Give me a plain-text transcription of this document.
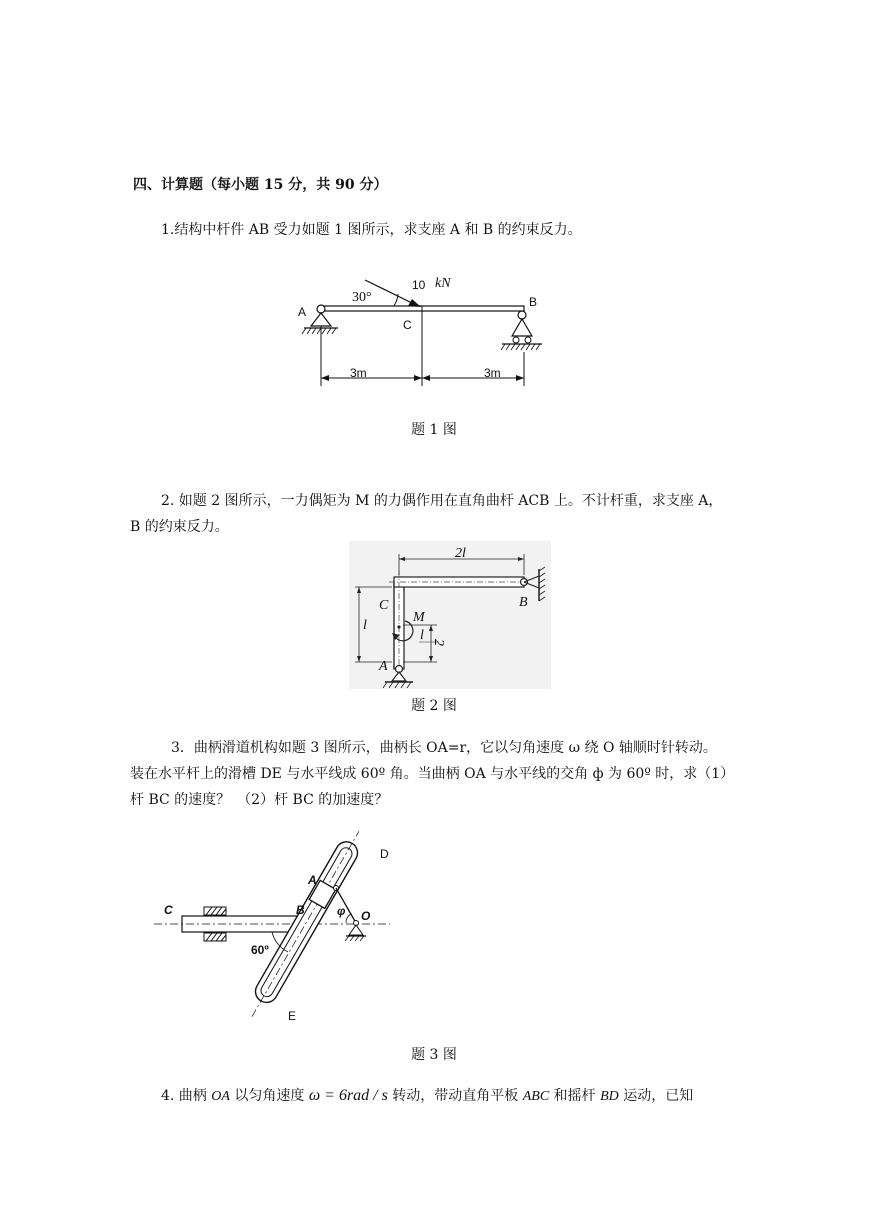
四、计算题（每小题 15 分，共 90 分）
1.结构中杆件 AB 受力如题 1 图所示，求支座 A 和 B 的约束反力。
30°
10 kN
A
B
C
3m	3m
题 1 图
2. 如题 2 图所示，一力偶矩为 M 的力偶作用在直角曲杆 ACB 上。不计杆重，求支座 A，
B 的约束反力。
2l
l
l 2
C
M
B
A
题 2 图
3．曲柄滑道机构如题 3 图所示，曲柄长 OA=r，它以匀角速度 ω 绕 O 轴顺时针转动。
装在水平杆上的滑槽 DE 与水平线成 60º 角。当曲柄 OA 与水平线的交角 ф 为 60º 时，求（1）
杆 BC 的速度？　（2）杆 BC 的加速度？
C	B
A
D
E
O
φ
60º
题 3 图
4. 曲柄 OA 以匀角速度 ω = 6rad / s 转动，带动直角平板 ABC 和摇杆 BD 运动，已知
